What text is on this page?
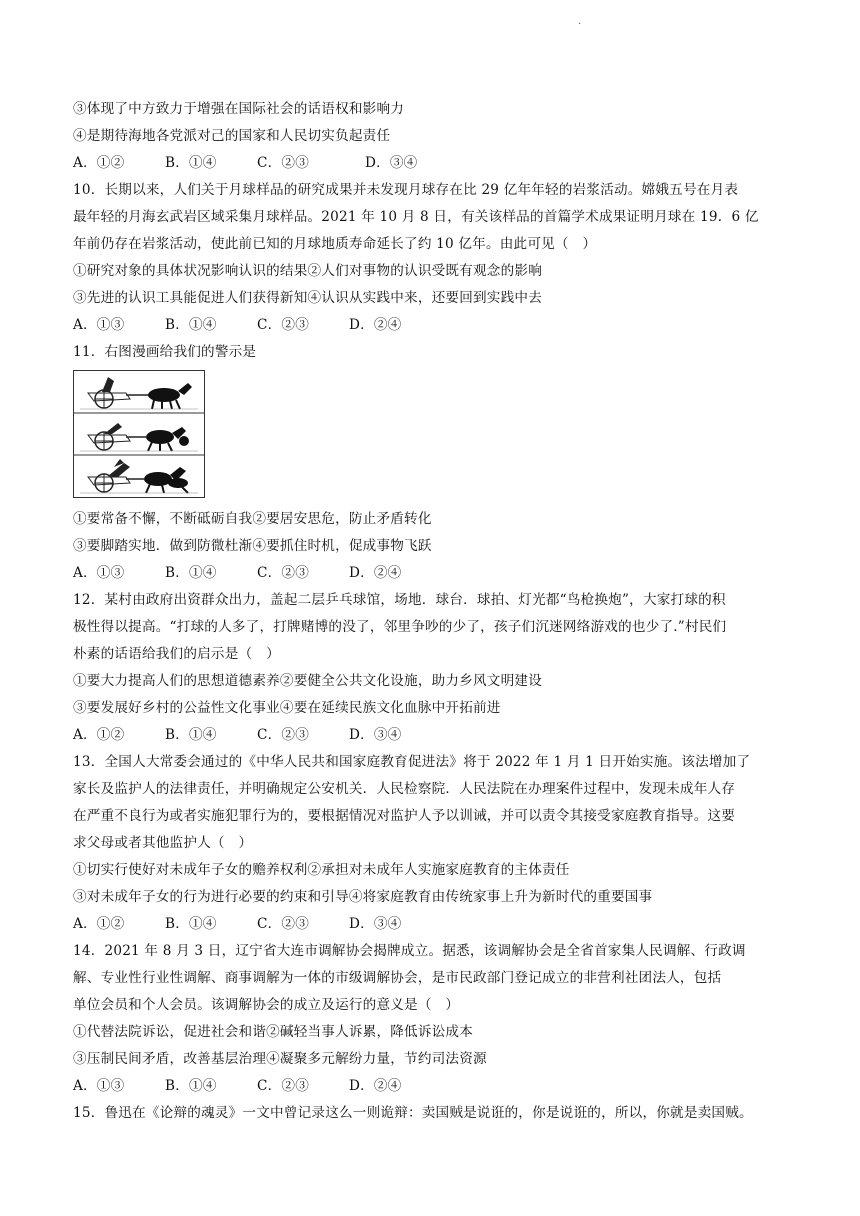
.
③体现了中方致力于增强在国际社会的话语权和影响力
④是期待海地各党派对己的国家和人民切实负起责任
A．①②	B．①④	C．②③	D．③④
10．长期以来，人们关于月球样品的研究成果并未发现月球存在比 29 亿年年轻的岩浆活动。嫦娥五号在月表
最年轻的月海玄武岩区域采集月球样品。2021 年 10 月 8 日，有关该样品的首篇学术成果证明月球在 19．6 亿
年前仍存在岩浆活动，使此前已知的月球地质寿命延长了约 10 亿年。由此可见（　）
①研究对象的具体状况影响认识的结果②人们对事物的认识受既有观念的影响
③先进的认识工具能促进人们获得新知④认识从实践中来，还要回到实践中去
A．①③	B．①④	C．②③	D．②④
11．右图漫画给我们的警示是
①要常备不懈，不断砥砺自我②要居安思危，防止矛盾转化
③要脚踏实地．做到防微杜渐④要抓住时机，促成事物飞跃
A．①③	B．①④	C．②③	D．②④
12．某村由政府出资群众出力，盖起二层乒乓球馆，场地．球台．球拍、灯光都“鸟枪换炮”，大家打球的积
极性得以提高。“打球的人多了，打牌赌博的没了，邻里争吵的少了，孩子们沉迷网络游戏的也少了.”村民们
朴素的话语给我们的启示是（　）
①要大力提高人们的思想道德素养②要健全公共文化设施，助力乡风文明建设
③要发展好乡村的公益性文化事业④要在延续民族文化血脉中开拓前进
A．①②	B．①④	C．②③	D．③④
13．全国人大常委会通过的《中华人民共和国家庭教育促进法》将于 2022 年 1 月 1 日开始实施。该法增加了
家长及监护人的法律责任，并明确规定公安机关．人民检察院．人民法院在办理案件过程中，发现未成年人存
在严重不良行为或者实施犯罪行为的，要根据情况对监护人予以训诫，并可以责令其接受家庭教育指导。这要
求父母或者其他监护人（　）
①切实行使好对未成年子女的赡养权利②承担对未成年人实施家庭教育的主体责任
③对未成年子女的行为进行必要的约束和引导④将家庭教育由传统家事上升为新时代的重要国事
A．①②	B．①④	C．②③	D．③④
14．2021 年 8 月 3 日，辽宁省大连市调解协会揭牌成立。据悉，该调解协会是全省首家集人民调解、行政调
解、专业性行业性调解、商事调解为一体的市级调解协会，是市民政部门登记成立的非营利社团法人，包括
单位会员和个人会员。该调解协会的成立及运行的意义是（　）
①代替法院诉讼，促进社会和谐②碱轻当事人诉累，降低诉讼成本
③压制民间矛盾，改善基层治理④凝聚多元解纷力量，节约司法资源
A．①③	B．①④	C．②③	D．②④
15．鲁迅在《论辩的魂灵》一文中曾记录这么一则诡辩：卖国贼是说诳的，你是说诳的，所以，你就是卖国贼。
